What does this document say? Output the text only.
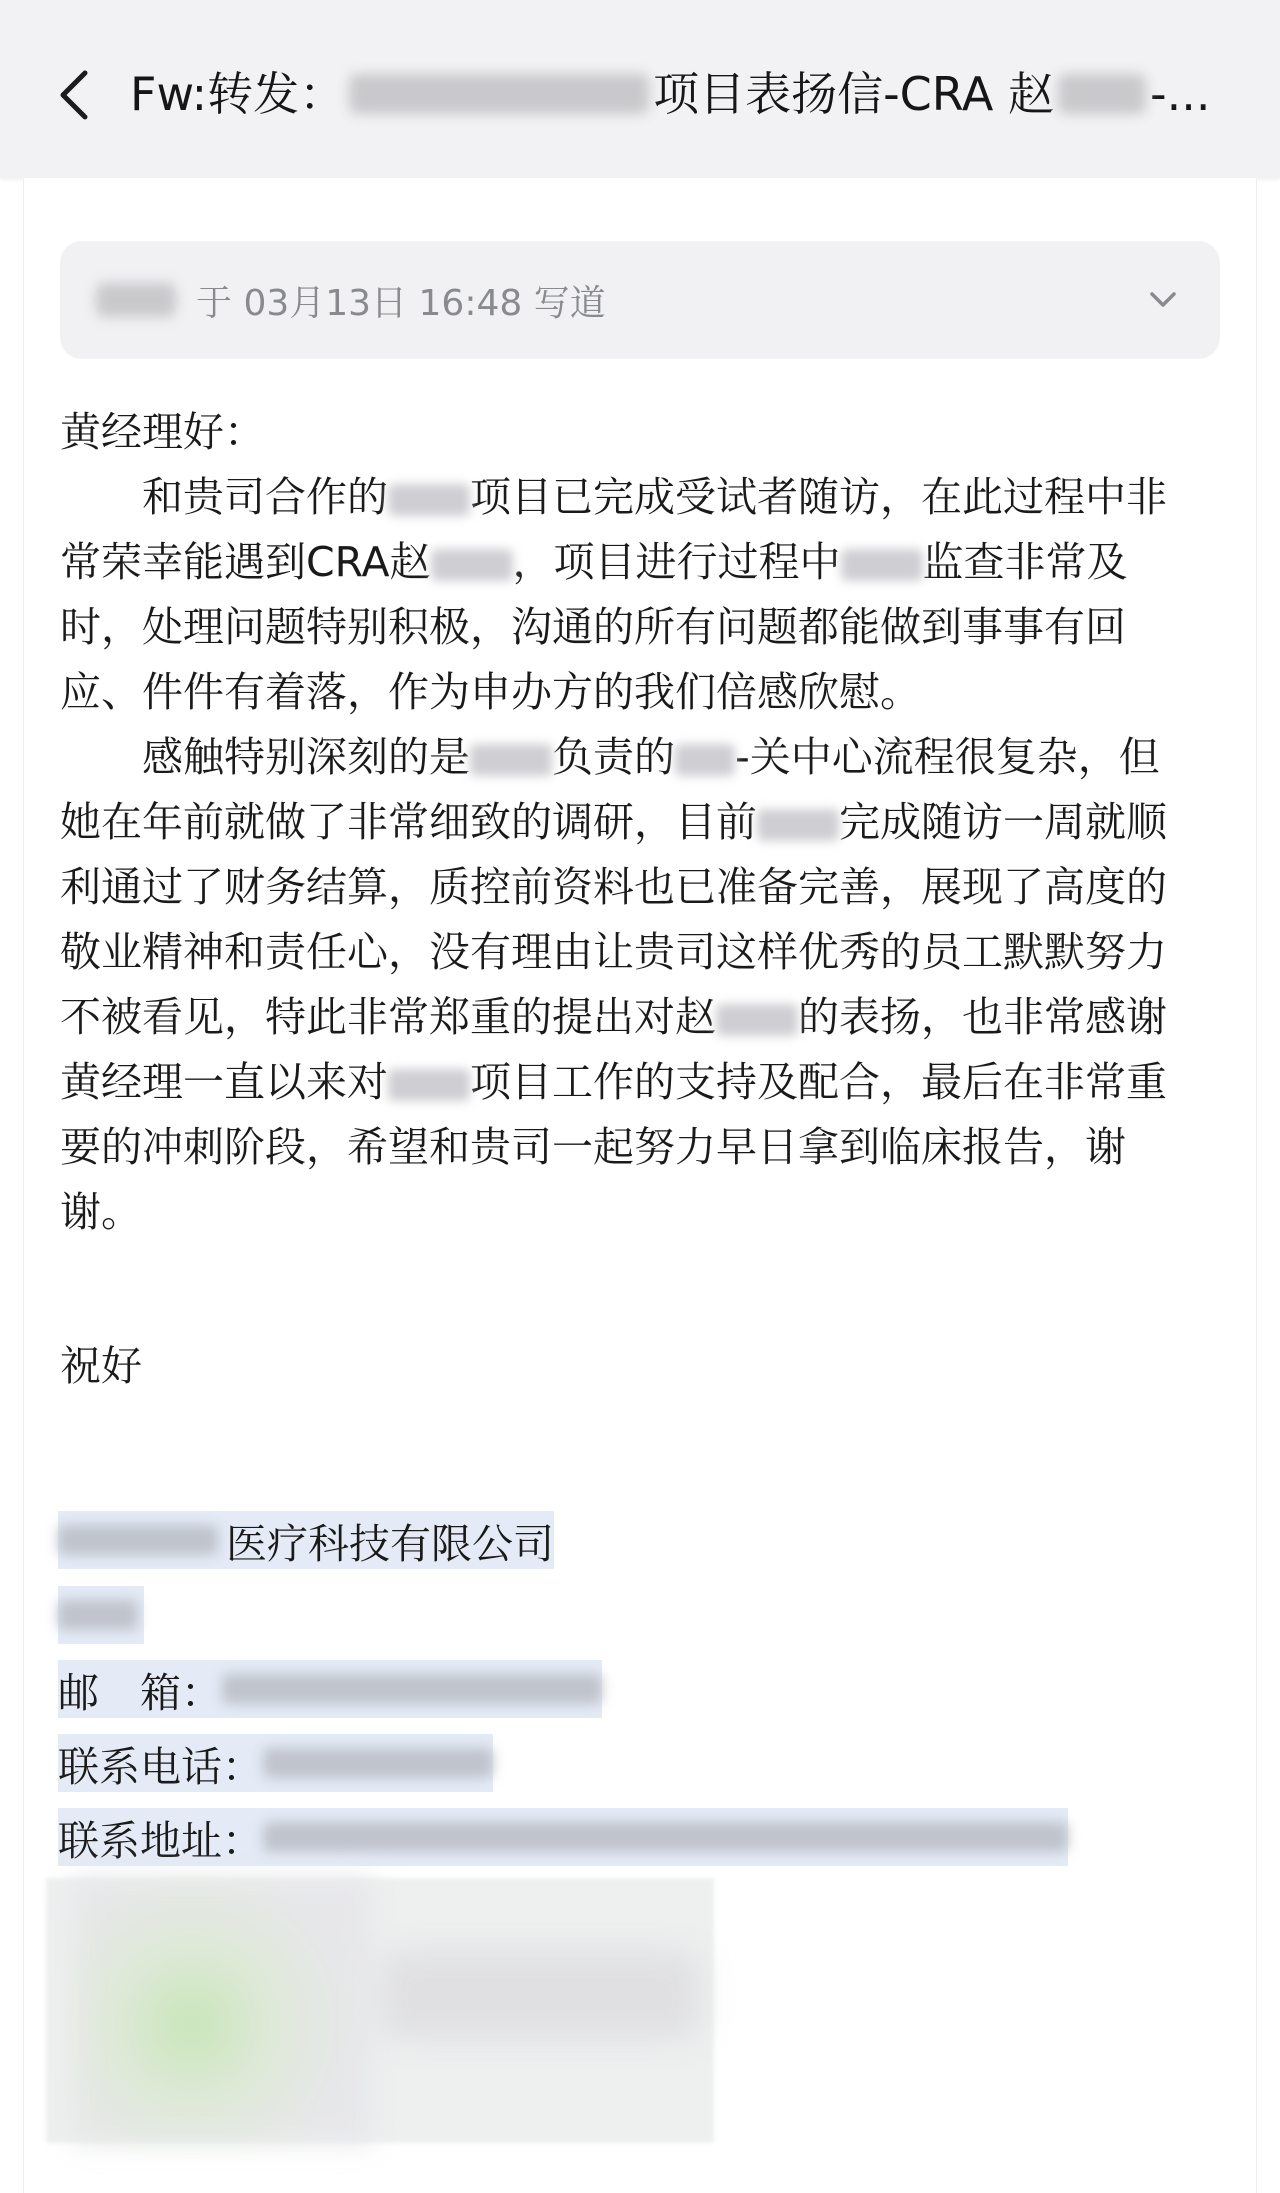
Fw:转发：	项目表扬信-CRA 赵 -...
于 03月13日 16:48 写道

黄经理好：

和贵司合作的 项目已完成受试者随访，在此过程中非常荣幸能遇到CRA赵 ，项目进行过程中 监查非常及时，处理问题特别积极，沟通的所有问题都能做到事事有回应、件件有着落，作为申办方的我们倍感欣慰。

感触特别深刻的是 负责的 -关中心流程很复杂，但她在年前就做了非常细致的调研，目前 完成随访一周就顺利通过了财务结算，质控前资料也已准备完善，展现了高度的敬业精神和责任心，没有理由让贵司这样优秀的员工默默努力不被看见，特此非常郑重的提出对赵 的表扬，也非常感谢黄经理一直以来对 项目工作的支持及配合，最后在非常重要的冲刺阶段，希望和贵司一起努力早日拿到临床报告，谢谢。

祝好
医疗科技有限公司
邮　箱：
联系电话：
联系地址：
